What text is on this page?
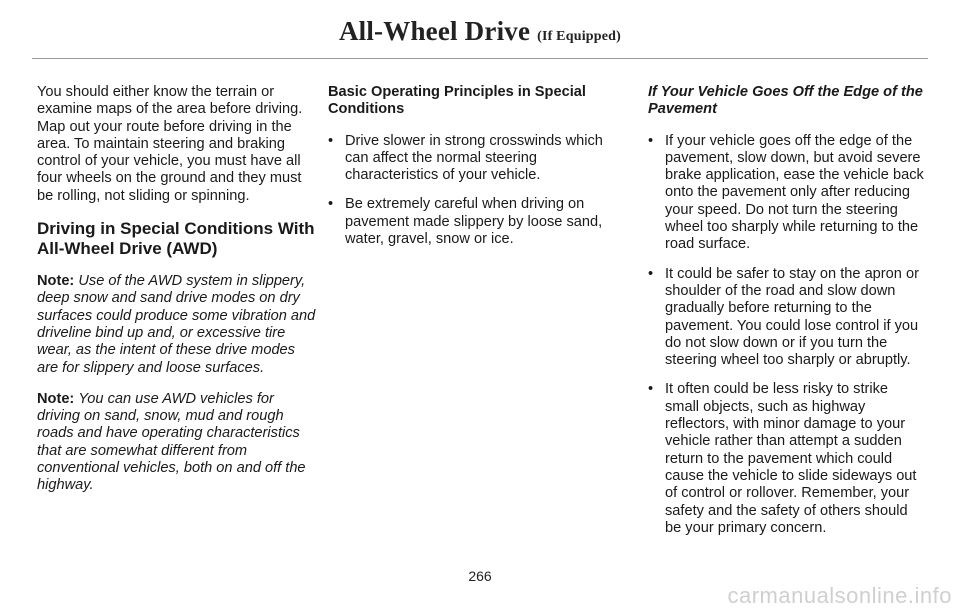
All-Wheel Drive (If Equipped)

You should either know the terrain or examine maps of the area before driving. Map out your route before driving in the area. To maintain steering and braking control of your vehicle, you must have all four wheels on the ground and they must be rolling, not sliding or spinning.

Driving in Special Conditions With All-Wheel Drive (AWD)

Note: Use of the AWD system in slippery, deep snow and sand drive modes on dry surfaces could produce some vibration and driveline bind up and, or excessive tire wear, as the intent of these drive modes are for slippery and loose surfaces.

Note: You can use AWD vehicles for driving on sand, snow, mud and rough roads and have operating characteristics that are somewhat different from conventional vehicles, both on and off the highway.

Basic Operating Principles in Special Conditions
• Drive slower in strong crosswinds which can affect the normal steering characteristics of your vehicle.
• Be extremely careful when driving on pavement made slippery by loose sand, water, gravel, snow or ice.
If Your Vehicle Goes Off the Edge of the Pavement
• If your vehicle goes off the edge of the pavement, slow down, but avoid severe brake application, ease the vehicle back onto the pavement only after reducing your speed. Do not turn the steering wheel too sharply while returning to the road surface.
• It could be safer to stay on the apron or shoulder of the road and slow down gradually before returning to the pavement. You could lose control if you do not slow down or if you turn the steering wheel too sharply or abruptly.
• It often could be less risky to strike small objects, such as highway reflectors, with minor damage to your vehicle rather than attempt a sudden return to the pavement which could cause the vehicle to slide sideways out of control or rollover. Remember, your safety and the safety of others should be your primary concern.
266
carmanualsonline.info
